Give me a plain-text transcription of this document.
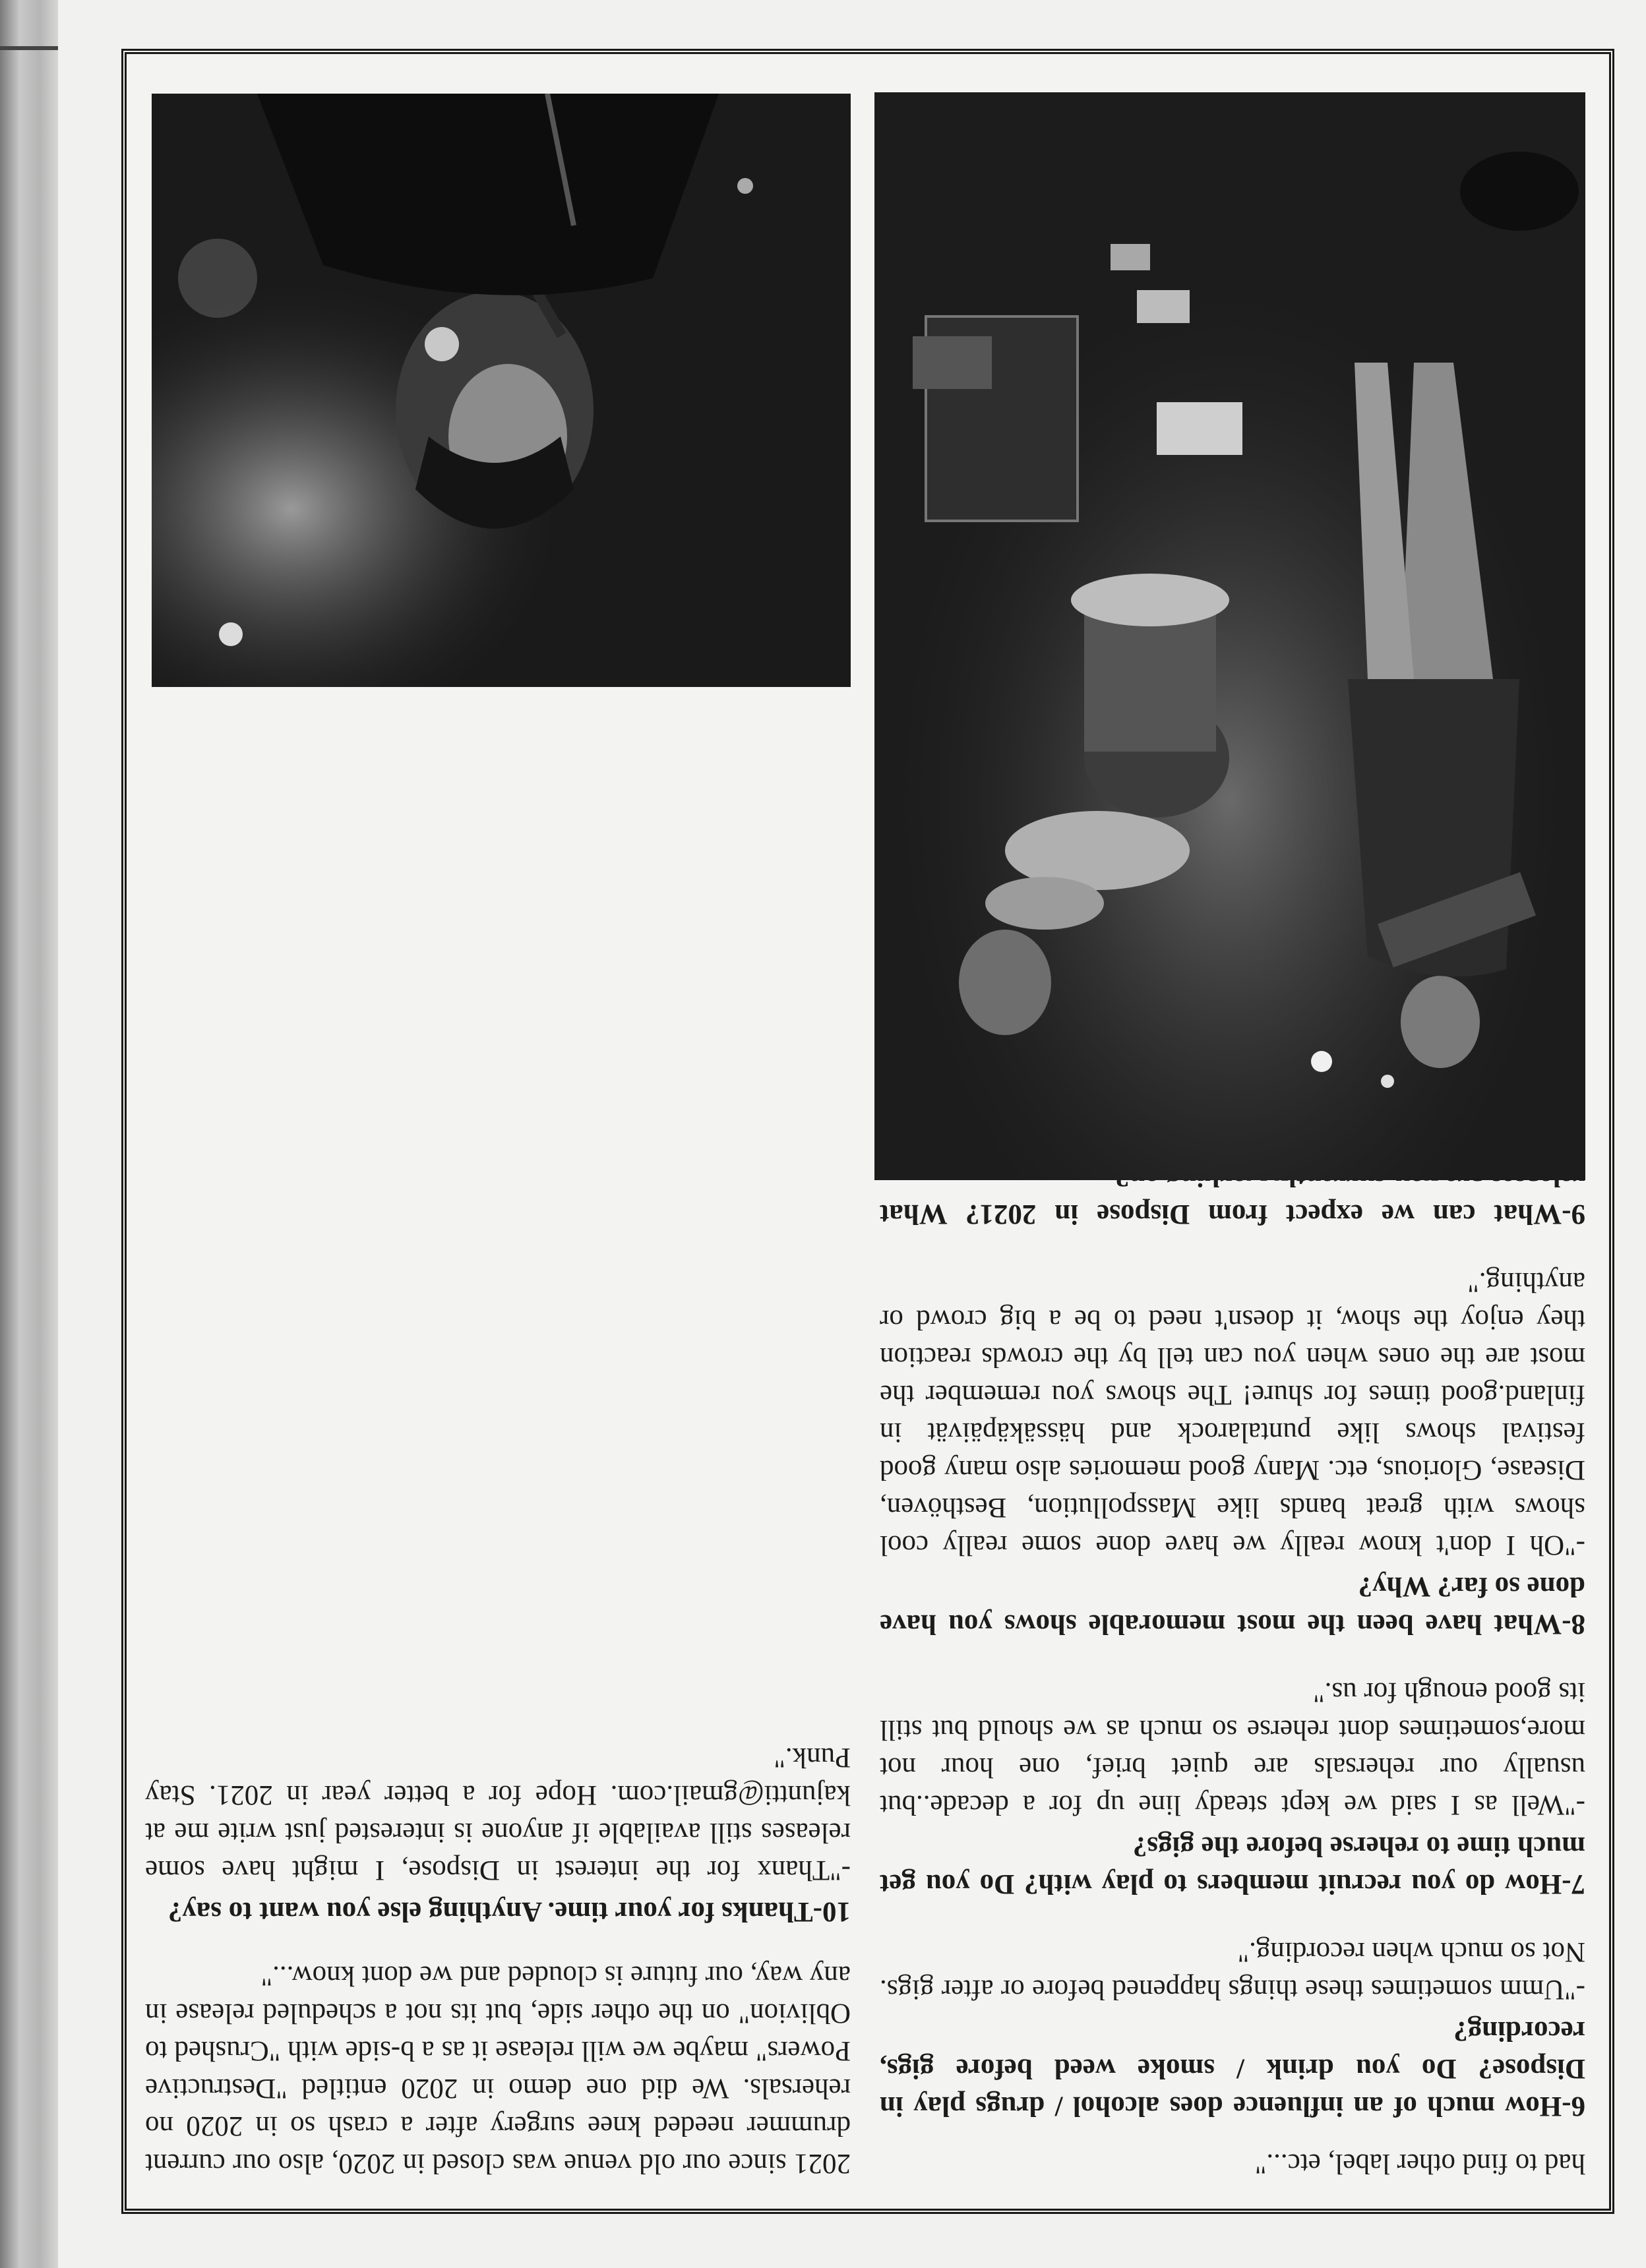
had to find other label, etc..."

6-How much of an influence does alcohol / drugs play in Dispose? Do you drink / smoke weed before gigs, recording?

-"Umm sometimes these things happened before or after gigs. Not so much when recording."

7-How do you recruit members to play with? Do you get much time to reherse before the gigs?

-"Well as I said we kept steady line up for a decade..but usually our rehersals are quiet brief, one hour not more,sometimes dont reherse so much as we should but still its good enough for us."

8-What have been the most memorable shows you have done so far? Why?

-"Oh I don't know really we have done some really cool shows with great bands like Masspollution, Besthöven, Disease, Glorious, etc. Many good memories also many good festival shows like puntalarock and hässäkäpäivät in finland.good times for shure! The shows you remember the most are the ones when you can tell by the crowds reaction they enjoy the show, it doesn't need to be a big crowd or anything."

9-What can we expect from Dispose in 2021? What

2021 since our old venue was closed in 2020, also our current drummer needed knee surgery after a crash so in 2020 no rehersals. We did one demo in 2020 entitled "Destructive Powers" maybe we will release it as a b-side with "Crushed to Oblivion" on the other side, but its not a scheduled release in any way, our future is clouded and we dont know..."

10-Thanks for your time. Anything else you want to say?

-"Thanx for the interest in Dispose, I might have some releases still available if anyone is interested just write me at kajuntti@gmail.com. Hope for a better year in 2021. Stay Punk."
